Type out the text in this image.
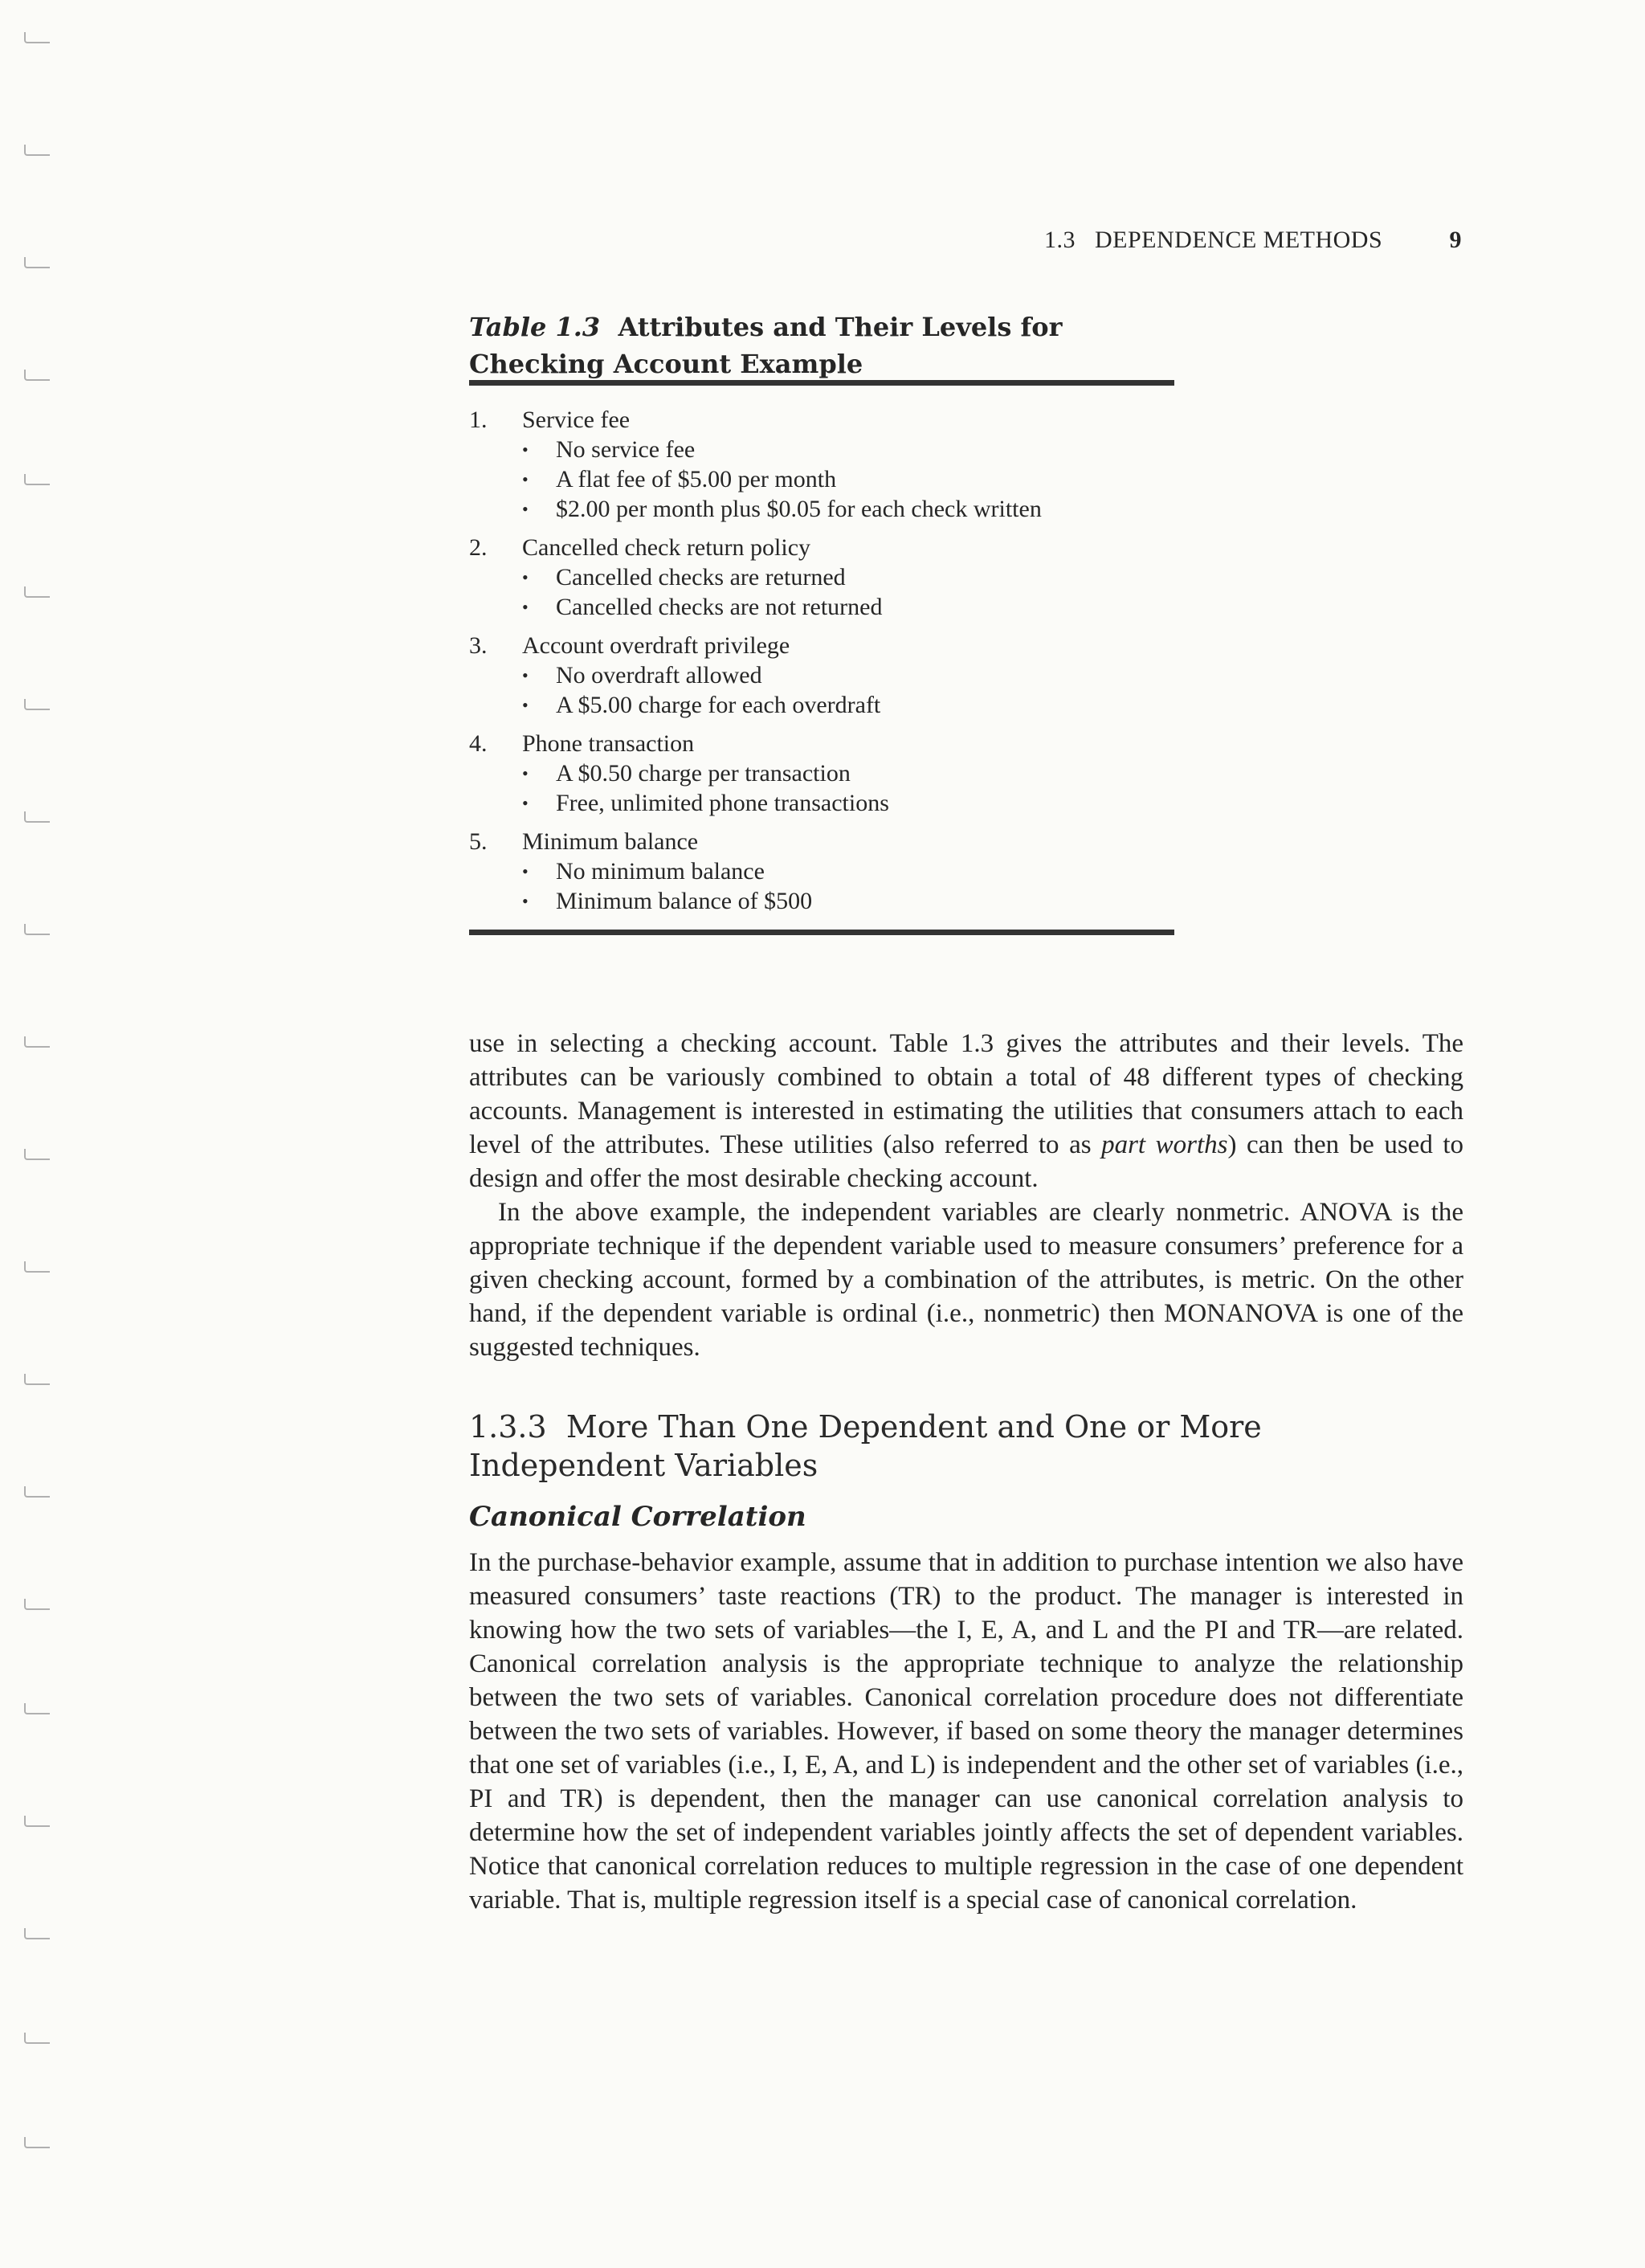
1.3   DEPENDENCE METHODS	9
Table 1.3 Attributes and Their Levels for Checking Account Example
1.	Service fee
•	No service fee
•	A flat fee of $5.00 per month
•	$2.00 per month plus $0.05 for each check written
2.	Cancelled check return policy
•	Cancelled checks are returned
•	Cancelled checks are not returned
3.	Account overdraft privilege
•	No overdraft allowed
•	A $5.00 charge for each overdraft
4.	Phone transaction
•	A $0.50 charge per transaction
•	Free, unlimited phone transactions
5.	Minimum balance
•	No minimum balance
•	Minimum balance of $500

use in selecting a checking account. Table 1.3 gives the attributes and their levels. The attributes can be variously combined to obtain a total of 48 different types of checking accounts. Management is interested in estimating the utilities that consumers attach to each level of the attributes. These utilities (also referred to as part worths) can then be used to design and offer the most desirable checking account.

In the above example, the independent variables are clearly nonmetric. ANOVA is the appropriate technique if the dependent variable used to measure consumers’ preference for a given checking account, formed by a combination of the attributes, is metric. On the other hand, if the dependent variable is ordinal (i.e., nonmetric) then MONANOVA is one of the suggested techniques.

1.3.3 More Than One Dependent and One or More
Independent Variables
Canonical Correlation

In the purchase-behavior example, assume that in addition to purchase intention we also have measured consumers’ taste reactions (TR) to the product. The manager is interested in knowing how the two sets of variables—the I, E, A, and L and the PI and TR—are related. Canonical correlation analysis is the appropriate technique to analyze the relationship between the two sets of variables. Canonical correlation procedure does not differentiate between the two sets of variables. However, if based on some theory the manager determines that one set of variables (i.e., I, E, A, and L) is independent and the other set of variables (i.e., PI and TR) is dependent, then the manager can use canonical correlation analysis to determine how the set of independent variables jointly affects the set of dependent variables. Notice that canonical correlation reduces to multiple regression in the case of one dependent variable. That is, multiple regression itself is a special case of canonical correlation.
